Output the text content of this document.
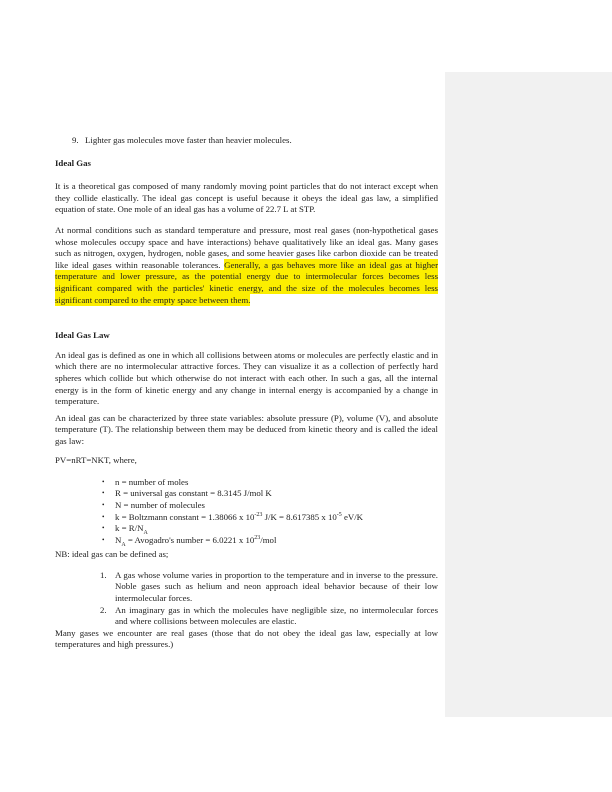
9. Lighter gas molecules move faster than heavier molecules.
Ideal Gas

It is a theoretical gas composed of many randomly moving point particles that do not interact except when they collide elastically. The ideal gas concept is useful because it obeys the ideal gas law, a simplified equation of state. One mole of an ideal gas has a volume of 22.7 L at STP.

At normal conditions such as standard temperature and pressure, most real gases (non-hypothetical gases whose molecules occupy space and have interactions) behave qualitatively like an ideal gas. Many gases such as nitrogen, oxygen, hydrogen, noble gases, and some heavier gases like carbon dioxide can be treated like ideal gases within reasonable tolerances. Generally, a gas behaves more like an ideal gas at higher temperature and lower pressure, as the potential energy due to intermolecular forces becomes less significant compared with the particles' kinetic energy, and the size of the molecules becomes less significant compared to the empty space between them.

Ideal Gas Law

An ideal gas is defined as one in which all collisions between atoms or molecules are perfectly elastic and in which there are no intermolecular attractive forces. They can visualize it as a collection of perfectly hard spheres which collide but which otherwise do not interact with each other. In such a gas, all the internal energy is in the form of kinetic energy and any change in internal energy is accompanied by a change in temperature.

An ideal gas can be characterized by three state variables: absolute pressure (P), volume (V), and absolute temperature (T). The relationship between them may be deduced from kinetic theory and is called the ideal gas law:

PV=nRT=NKT, where,

•	n = number of moles
•	R = universal gas constant = 8.3145 J/mol K
•	N = number of molecules
•	k = Boltzmann constant = 1.38066 x $10^{-23}$ J/K = 8.617385 x $10^{-5}$ eV/K
•	$k = R/N_A$
•	$N_A$ = Avogadro's number = 6.0221 x $10^{23}$/mol

NB: ideal gas can be defined as;

1. A gas whose volume varies in proportion to the temperature and in inverse to the pressure. Noble gases such as helium and neon approach ideal behavior because of their low intermolecular forces.
2. An imaginary gas in which the molecules have negligible size, no intermolecular forces and where collisions between molecules are elastic.

Many gases we encounter are real gases (those that do not obey the ideal gas law, especially at low temperatures and high pressures.)
